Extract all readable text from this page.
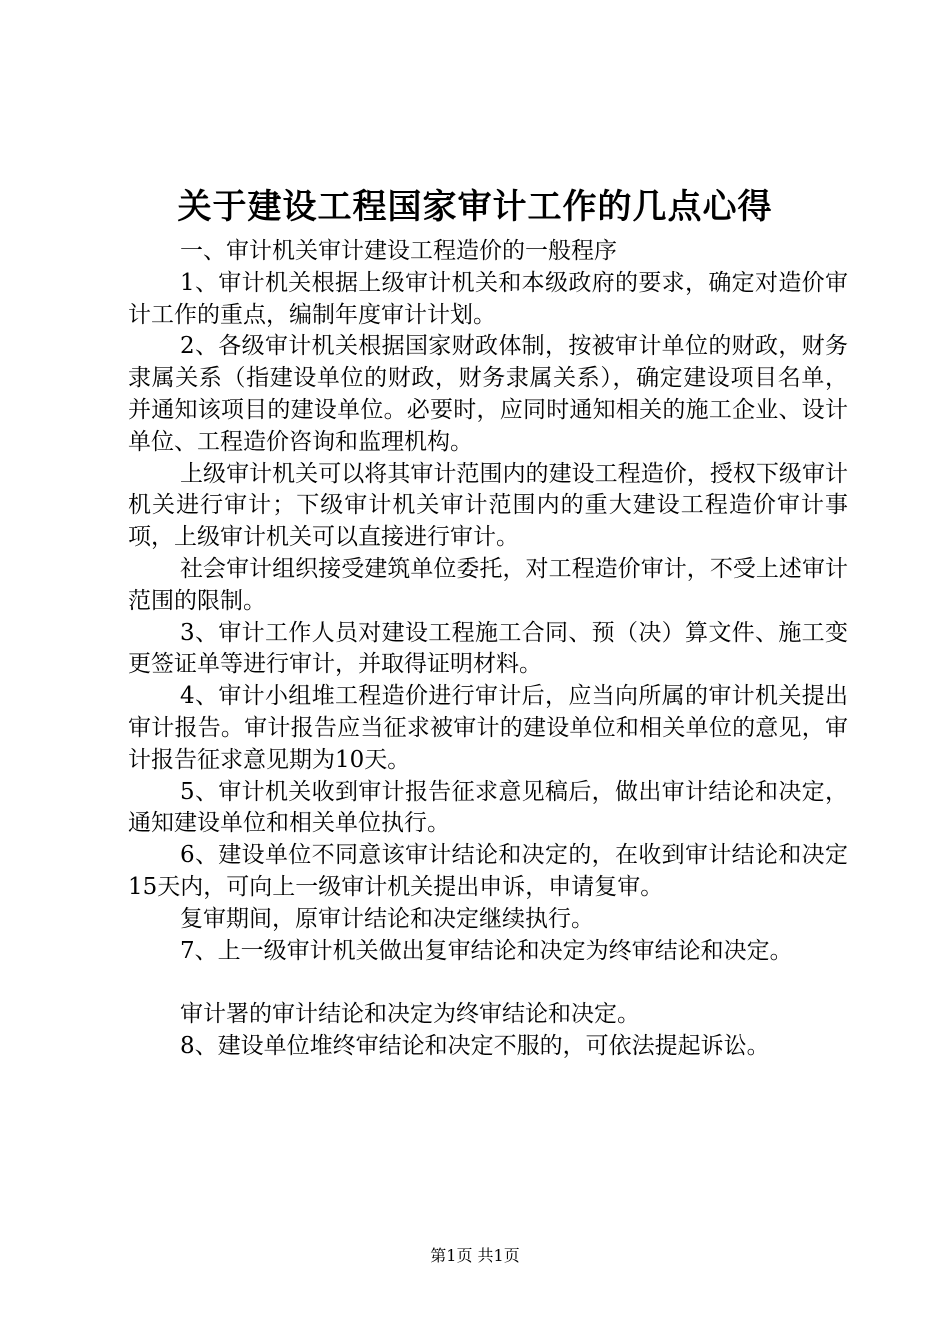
关于建设工程国家审计工作的几点心得

一、审计机关审计建设工程造价的一般程序

1、审计机关根据上级审计机关和本级政府的要求，确定对造价审计工作的重点，编制年度审计计划。

2、各级审计机关根据国家财政体制，按被审计单位的财政，财务隶属关系（指建设单位的财政，财务隶属关系），确定建设项目名单，并通知该项目的建设单位。必要时，应同时通知相关的施工企业、设计单位、工程造价咨询和监理机构。

上级审计机关可以将其审计范围内的建设工程造价，授权下级审计机关进行审计；下级审计机关审计范围内的重大建设工程造价审计事项，上级审计机关可以直接进行审计。

社会审计组织接受建筑单位委托，对工程造价审计，不受上述审计范围的限制。

3、审计工作人员对建设工程施工合同、预（决）算文件、施工变更签证单等进行审计，并取得证明材料。

4、审计小组堆工程造价进行审计后，应当向所属的审计机关提出审计报告。审计报告应当征求被审计的建设单位和相关单位的意见，审计报告征求意见期为10天。

5、审计机关收到审计报告征求意见稿后，做出审计结论和决定，通知建设单位和相关单位执行。

6、建设单位不同意该审计结论和决定的，在收到审计结论和决定15天内，可向上一级审计机关提出申诉，申请复审。

复审期间，原审计结论和决定继续执行。

7、上一级审计机关做出复审结论和决定为终审结论和决定。

审计署的审计结论和决定为终审结论和决定。

8、建设单位堆终审结论和决定不服的，可依法提起诉讼。

第1页 共1页
